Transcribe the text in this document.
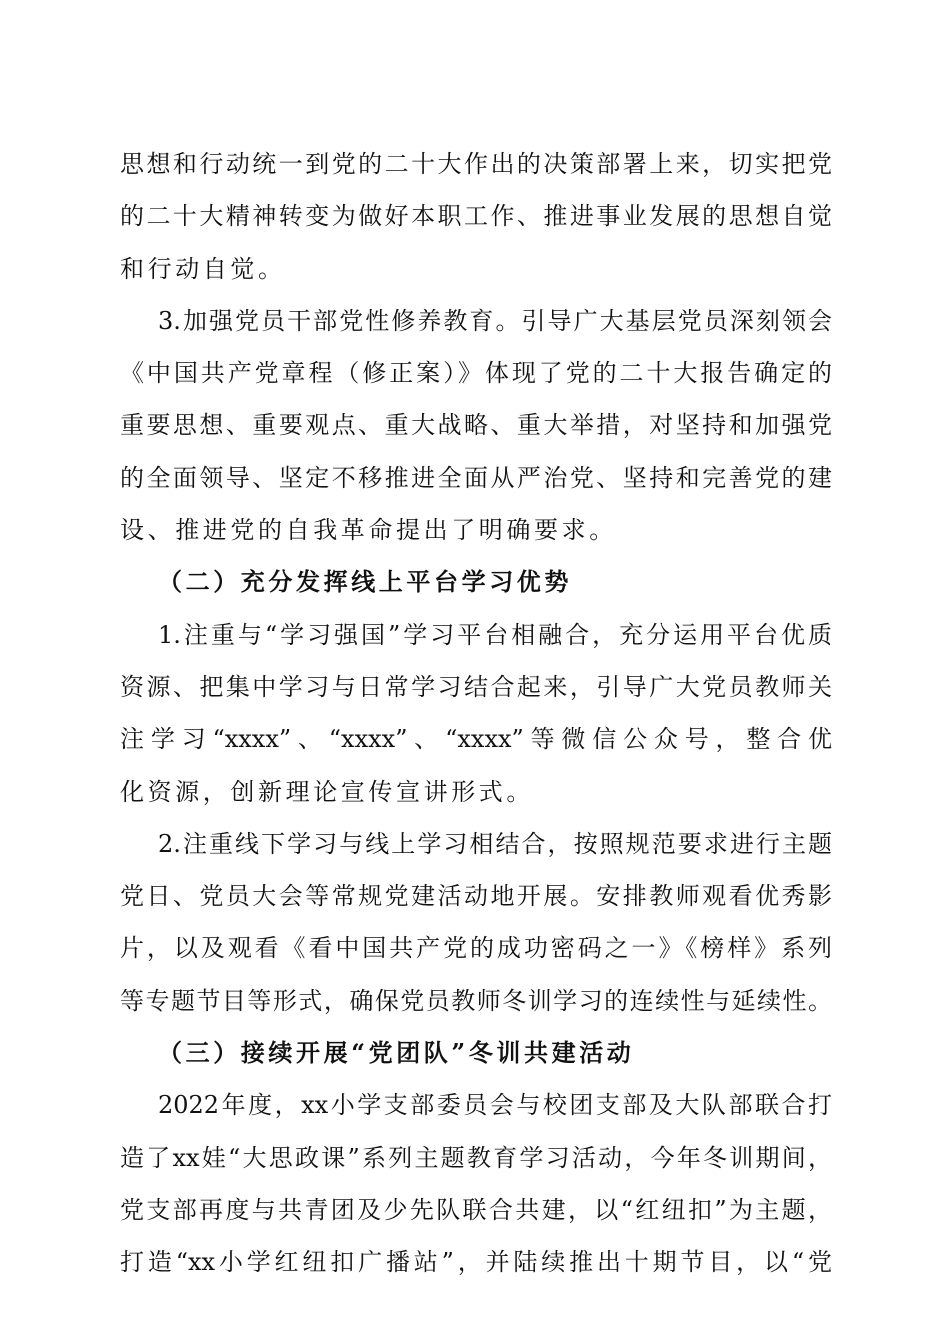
思想和行动统一到党的二十大作出的决策部署上来，切实把党
的二十大精神转变为做好本职工作、推进事业发展的思想自觉
和行动自觉。
3.加强党员干部党性修养教育。引导广大基层党员深刻领会
《中国共产党章程（修正案）》体现了党的二十大报告确定的
重要思想、重要观点、重大战略、重大举措，对坚持和加强党
的全面领导、坚定不移推进全面从严治党、坚持和完善党的建
设、推进党的自我革命提出了明确要求。
（二）充分发挥线上平台学习优势
1.注重与“学习强国”学习平台相融合，充分运用平台优质
资源、把集中学习与日常学习结合起来，引导广大党员教师关
注学习“xxxx”、“xxxx”、“xxxx”等微信公众号，整合优
化资源，创新理论宣传宣讲形式。
2.注重线下学习与线上学习相结合，按照规范要求进行主题
党日、党员大会等常规党建活动地开展。安排教师观看优秀影
片，以及观看《看中国共产党的成功密码之一》《榜样》系列
等专题节目等形式，确保党员教师冬训学习的连续性与延续性。
（三）接续开展“党团队”冬训共建活动
2022年度，xx小学支部委员会与校团支部及大队部联合打
造了xx娃“大思政课”系列主题教育学习活动，今年冬训期间，
党支部再度与共青团及少先队联合共建，以“红纽扣”为主题，
打造“xx小学红纽扣广播站”，并陆续推出十期节目，以“党
